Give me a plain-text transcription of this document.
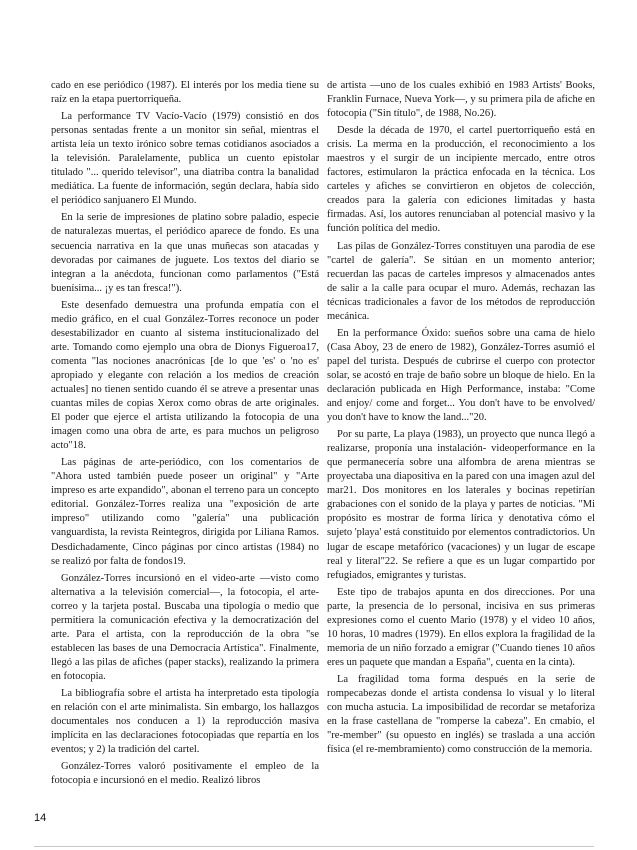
cado en ese periódico (1987). El interés por los media tiene su raíz en la etapa puertorriqueña.

La performance TV Vacío-Vacío (1979) consistió en dos personas sentadas frente a un monitor sin señal, mientras el artista leía un texto irónico sobre temas cotidianos asociados a la televisión. Paralelamente, publica un cuento epistolar titulado "... querido televisor", una diatriba contra la banalidad mediática. La fuente de información, según declara, había sido el periódico sanjuanero El Mundo.

En la serie de impresiones de platino sobre paladio, especie de naturalezas muertas, el periódico aparece de fondo. Es una secuencia narrativa en la que unas muñecas son atacadas y devoradas por caimanes de juguete. Los textos del diario se integran a la anécdota, funcionan como parlamentos ("Está buenísima... ¡y es tan fresca!").

Este desenfado demuestra una profunda empatía con el medio gráfico, en el cual González-Torres reconoce un poder desestabilizador en cuanto al sistema institucionalizado del arte. Tomando como ejemplo una obra de Dionys Figueroa17, comenta "las nociones anacrónicas [de lo que 'es' o 'no es' apropiado y elegante con relación a los medios de creación actuales] no tienen sentido cuando él se atreve a presentar unas cuantas miles de copias Xerox como obras de arte originales. El poder que ejerce el artista utilizando la fotocopia de una imagen como una obra de arte, es para muchos un peligroso acto"18.

Las páginas de arte-periódico, con los comentarios de "Ahora usted también puede poseer un original" y "Arte impreso es arte expandido", abonan el terreno para un concepto editorial. González-Torres realiza una "exposición de arte impreso" utilizando como "galería" una publicación vanguardista, la revista Reintegros, dirigida por Liliana Ramos. Desdichadamente, Cinco páginas por cinco artistas (1984) no se realizó por falta de fondos19.

González-Torres incursionó en el video-arte —visto como alternativa a la televisión comercial—, la fotocopia, el arte-correo y la tarjeta postal. Buscaba una tipología o medio que permitiera la comunicación efectiva y la democratización del arte. Para el artista, con la reproducción de la obra "se establecen las bases de una Democracia Artística". Finalmente, llegó a las pilas de afiches (paper stacks), realizando la primera en fotocopia.

La bibliografía sobre el artista ha interpretado esta tipología en relación con el arte minimalista. Sin embargo, los hallazgos documentales nos conducen a 1) la reproducción masiva implícita en las declaraciones fotocopiadas que repartía en los eventos; y 2) la tradición del cartel.

González-Torres valoró positivamente el empleo de la fotocopia e incursionó en el medio. Realizó libros

de artista —uno de los cuales exhibió en 1983 Artists' Books, Franklin Furnace, Nueva York—, y su primera pila de afiche en fotocopia ("Sin título", de 1988, No.26).

Desde la década de 1970, el cartel puertorriqueño está en crisis. La merma en la producción, el reconocimiento a los maestros y el surgir de un incipiente mercado, entre otros factores, estimularon la práctica enfocada en la técnica. Los carteles y afiches se convirtieron en objetos de colección, creados para la galería con ediciones limitadas y hasta firmadas. Así, los autores renunciaban al potencial masivo y la función política del medio.

Las pilas de González-Torres constituyen una parodia de ese "cartel de galería". Se sitúan en un momento anterior; recuerdan las pacas de carteles impresos y almacenados antes de salir a la calle para ocupar el muro. Además, rechazan las técnicas tradicionales a favor de los métodos de reproducción mecánica.

En la performance Óxido: sueños sobre una cama de hielo (Casa Aboy, 23 de enero de 1982), González-Torres asumió el papel del turista. Después de cubrirse el cuerpo con protector solar, se acostó en traje de baño sobre un bloque de hielo. En la declaración publicada en High Performance, instaba: "Come and enjoy/ come and forget... You don't have to be envolved/ you don't have to know the land..."20.

Por su parte, La playa (1983), un proyecto que nunca llegó a realizarse, proponía una instalación- videoperformance en la que permanecería sobre una alfombra de arena mientras se proyectaba una diapositiva en la pared con una imagen azul del mar21. Dos monitores en los laterales y bocinas repetirían grabaciones con el sonido de la playa y partes de noticias. "Mi propósito es mostrar de forma lírica y denotativa cómo el sujeto 'playa' está constituido por elementos contradictorios. Un lugar de escape metafórico (vacaciones) y un lugar de escape real y literal"22. Se refiere a que es un lugar compartido por refugiados, emigrantes y turistas.

Este tipo de trabajos apunta en dos direcciones. Por una parte, la presencia de lo personal, incisiva en sus primeras expresiones como el cuento Mario (1978) y el video 10 años, 10 horas, 10 madres (1979). En ellos explora la fragilidad de la memoria de un niño forzado a emigrar ("Cuando tienes 10 años eres un paquete que mandan a España", cuenta en la cinta).

La fragilidad toma forma después en la serie de rompecabezas donde el artista condensa lo visual y lo literal con mucha astucia. La imposibilidad de recordar se metaforiza en la frase castellana de "romperse la cabeza". En cmabio, el "re-member" (su opuesto en inglés) se traslada a una acción física (el re-membramiento) como construcción de la memoria.

14
